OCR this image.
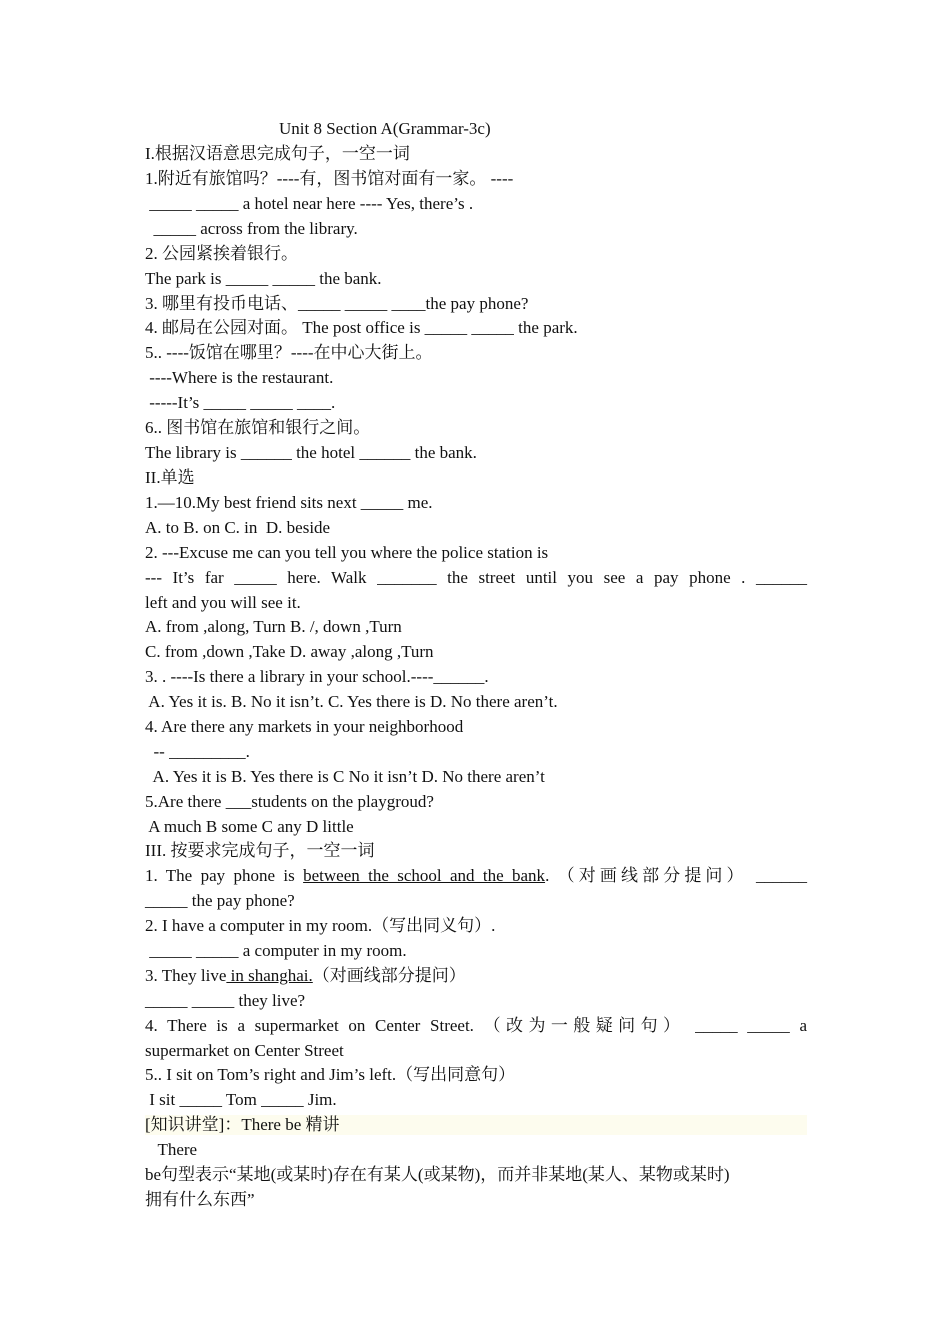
Unit 8 Section A(Grammar-3c)
I.根据汉语意思完成句子，一空一词
1.附近有旅馆吗？----有，图书馆对面有一家。 ----
_____ _____ a hotel near here ---- Yes, there’s .
_____ across from the library.
2. 公园紧挨着银行。
The park is _____ _____ the bank.
3. 哪里有投币电话、_____ _____ ____the pay phone?
4. 邮局在公园对面。 The post office is _____ _____ the park.
5.. ----饭馆在哪里？----在中心大街上。
----Where is the restaurant.
-----It’s _____ _____ ____.
6.. 图书馆在旅馆和银行之间。
The library is ______ the hotel ______ the bank.
II.单选
1.—10.My best friend sits next _____ me.
A. to B. on C. in  D. beside
2. ---Excuse me can you tell you where the police station is
--- It’s far _____ here. Walk _______ the street until you see a pay phone . ______
left and you will see it.
A. from ,along, Turn B. /, down ,Turn
C. from ,down ,Take D. away ,along ,Turn
3. . ----Is there a library in your school.----______.
A. Yes it is. B. No it isn’t. C. Yes there is D. No there aren’t.
4. Are there any markets in your neighborhood
-- _________.
A. Yes it is B. Yes there is C No it isn’t D. No there aren’t
5.Are there ___students on the playgroud?
A much B some C any D little
III. 按要求完成句子，一空一词
1. The pay phone is between the school and the bank. （对画线部分提问） ______
_____ the pay phone?
2. I have a computer in my room.（写出同义句）.
_____ _____ a computer in my room.
3. They live in shanghai.（对画线部分提问）
_____ _____ they live?
4. There is a supermarket on Center Street. （改为一般疑问句） _____ _____ a
supermarket on Center Street
5.. I sit on Tom’s right and Jim’s left.（写出同意句）
I sit _____ Tom _____ Jim.
[知识讲堂]：There be 精讲
There
be句型表示“某地(或某时)存在有某人(或某物)，而并非某地(某人、某物或某时)
拥有什么东西”
